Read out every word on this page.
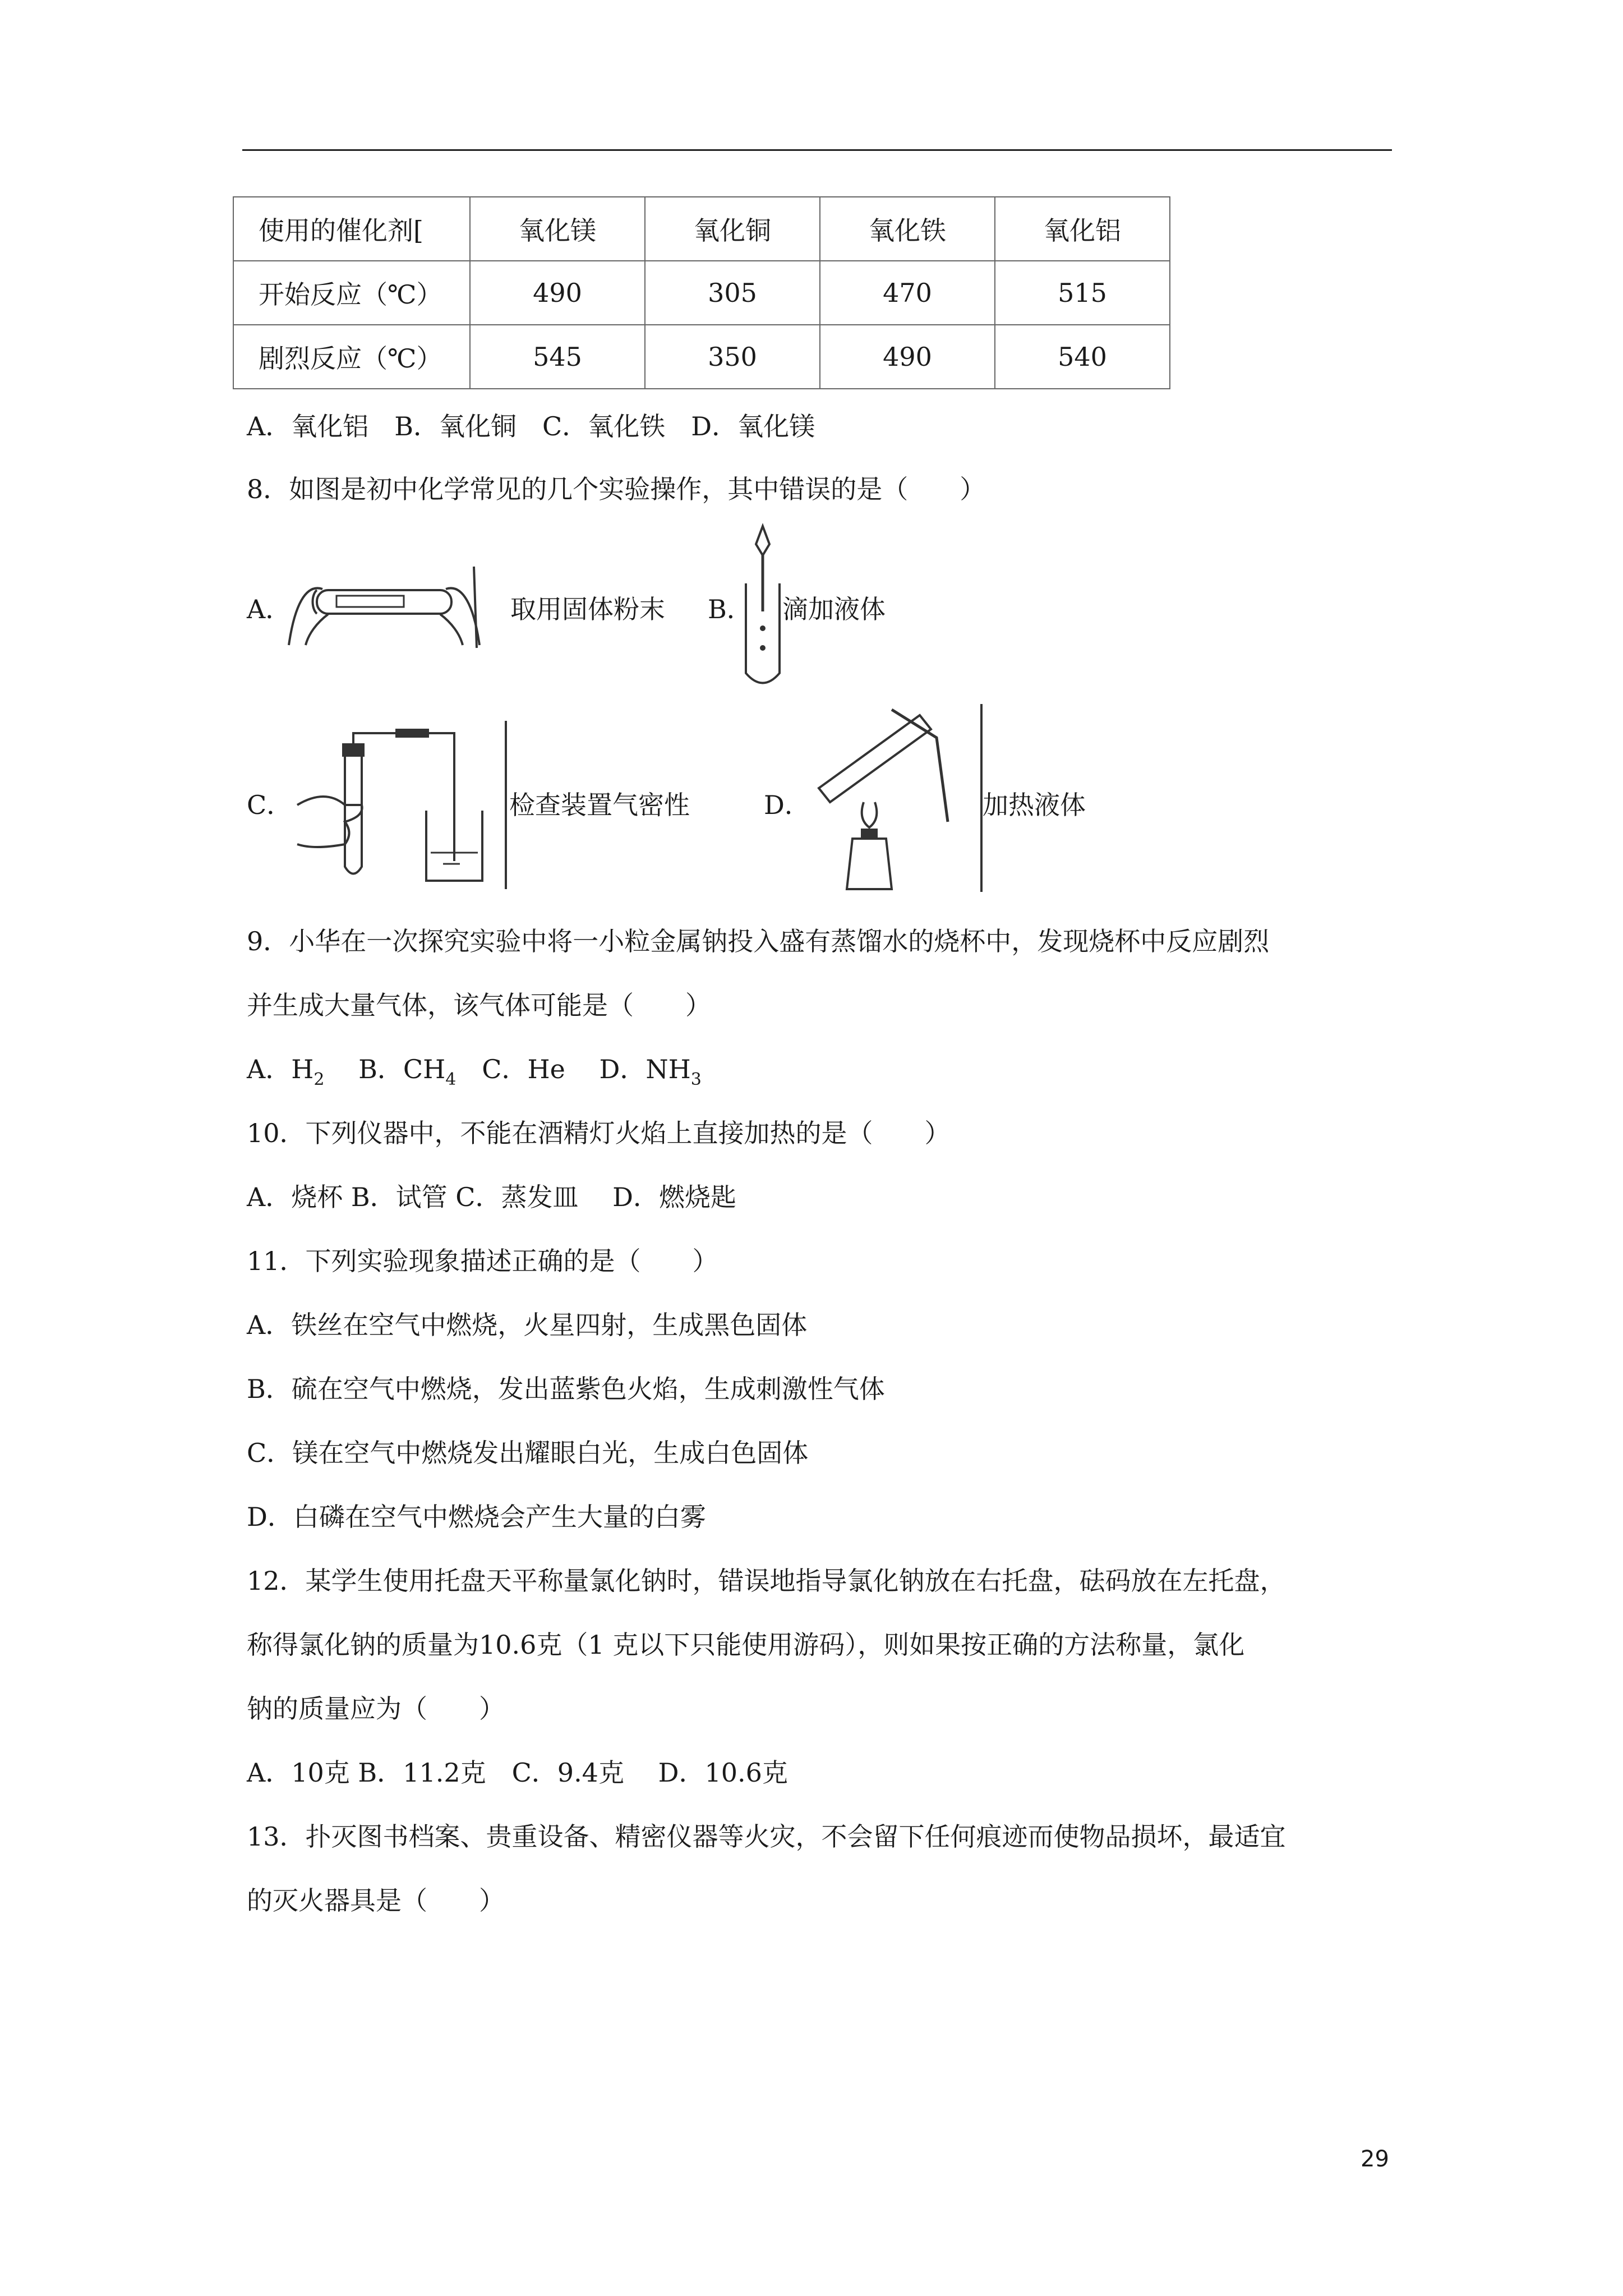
使用的催化剂[	氧化镁	氧化铜	氧化铁	氧化铝
开始反应（℃）	490	305	470	515
剧烈反应（℃）	545	350	490	540
A．氧化铝　B．氧化铜　C．氧化铁　D．氧化镁
8．如图是初中化学常见的几个实验操作，其中错误的是（　　）
A．	取用固体粉末 B． 滴加液体
C．	检查装置气密性	D．	加热液体
9．小华在一次探究实验中将一小粒金属钠投入盛有蒸馏水的烧杯中，发现烧杯中反应剧烈
并生成大量气体，该气体可能是（　　）
A．$H_2$　 B．$CH_4$　 C．He　 D．$NH_3$
10．下列仪器中，不能在酒精灯火焰上直接加热的是（　　）
A．烧杯 B．试管 C．蒸发皿　 D．燃烧匙
11．下列实验现象描述正确的是（　　）
A．铁丝在空气中燃烧，火星四射，生成黑色固体
B．硫在空气中燃烧，发出蓝紫色火焰，生成刺激性气体
C．镁在空气中燃烧发出耀眼白光，生成白色固体
D．白磷在空气中燃烧会产生大量的白雾
12．某学生使用托盘天平称量氯化钠时，错误地指导氯化钠放在右托盘，砝码放在左托盘，
称得氯化钠的质量为10.6克（1 克以下只能使用游码），则如果按正确的方法称量，氯化
钠的质量应为（　　）
A．10克 B．11.2克　C．9.4克　 D．10.6克
13．扑灭图书档案、贵重设备、精密仪器等火灾，不会留下任何痕迹而使物品损坏，最适宜
的灭火器具是（　　）
29
